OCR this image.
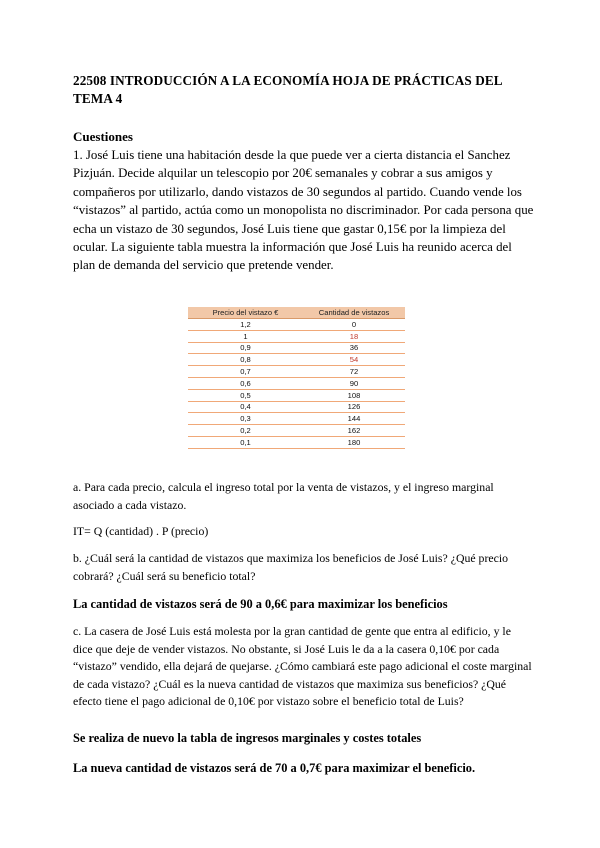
22508 INTRODUCCIÓN A LA ECONOMÍA HOJA DE PRÁCTICAS DEL TEMA 4
Cuestiones
1. José Luis tiene una habitación desde la que puede ver a cierta distancia el Sanchez Pizjuán. Decide alquilar un telescopio por 20€ semanales y cobrar a sus amigos y compañeros por utilizarlo, dando vistazos de 30 segundos al partido. Cuando vende los “vistazos” al partido, actúa como un monopolista no discriminador. Por cada persona que echa un vistazo de 30 segundos, José Luis tiene que gastar 0,15€ por la limpieza del ocular. La siguiente tabla muestra la información que José Luis ha reunido acerca del plan de demanda del servicio que pretende vender.
Precio del vistazo €	Cantidad de vistazos
1,2	0
1	18
0,9	36
0,8	54
0,7	72
0,6	90
0,5	108
0,4	126
0,3	144
0,2	162
0,1	180
a. Para cada precio, calcula el ingreso total por la venta de vistazos, y el ingreso marginal asociado a cada vistazo.
IT= Q (cantidad) . P (precio)
b. ¿Cuál será la cantidad de vistazos que maximiza los beneficios de José Luis? ¿Qué precio cobrará? ¿Cuál será su beneficio total?
La cantidad de vistazos será de 90 a 0,6€ para maximizar los beneficios
c. La casera de José Luis está molesta por la gran cantidad de gente que entra al edificio, y le dice que deje de vender vistazos. No obstante, si José Luis le da a la casera 0,10€ por cada “vistazo” vendido, ella dejará de quejarse. ¿Cómo cambiará este pago adicional el coste marginal de cada vistazo? ¿Cuál es la nueva cantidad de vistazos que maximiza sus beneficios? ¿Qué efecto tiene el pago adicional de 0,10€ por vistazo sobre el beneficio total de Luis?
Se realiza de nuevo la tabla de ingresos marginales y costes totales
La nueva cantidad de vistazos será de 70 a 0,7€ para maximizar el beneficio.
